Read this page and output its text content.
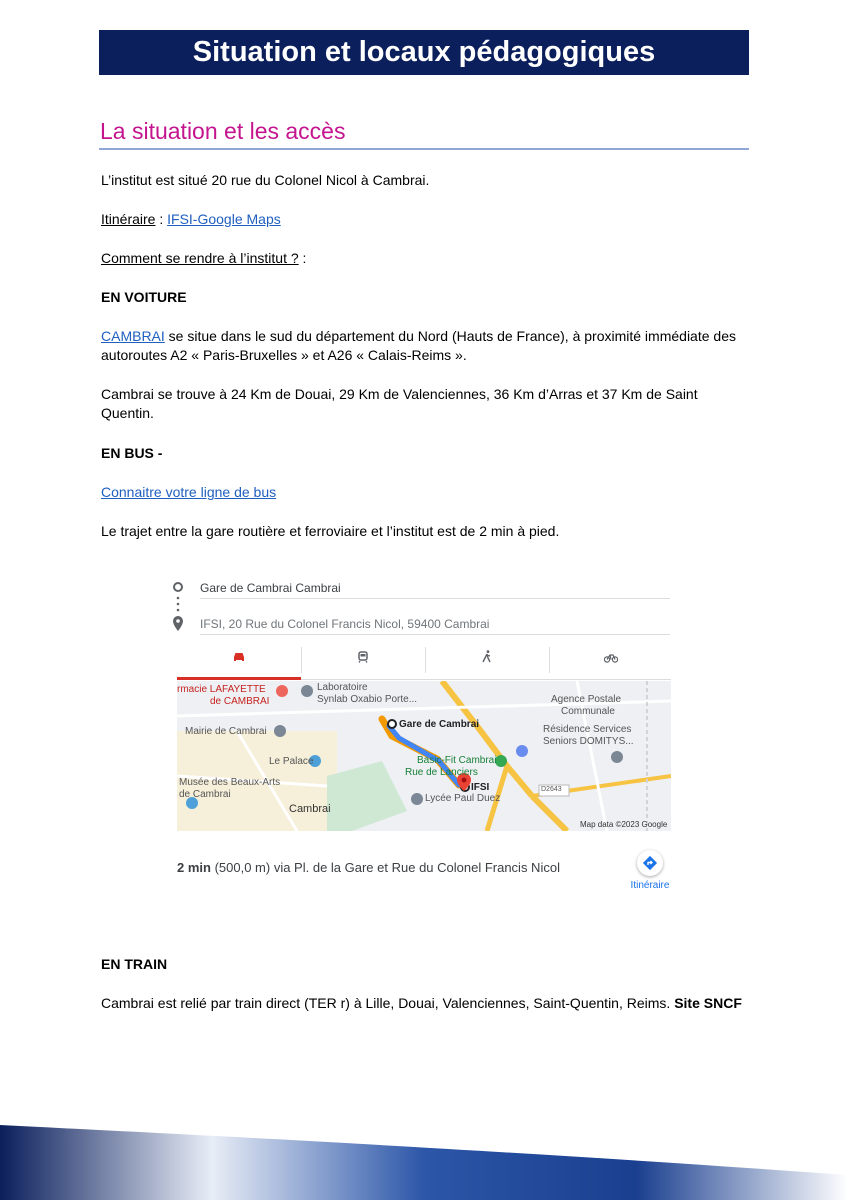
Situation et locaux pédagogiques
La situation et les accès
L’institut est situé 20 rue du Colonel Nicol à Cambrai.
Itinéraire : IFSI-Google Maps
Comment se rendre à l’institut ? :
EN VOITURE
CAMBRAI se situe dans le sud du département du Nord (Hauts de France), à proximité immédiate des autoroutes A2 « Paris-Bruxelles » et A26 « Calais-Reims ».
Cambrai se trouve à 24 Km de Douai, 29 Km de Valenciennes, 36 Km d’Arras et 37 Km de Saint Quentin.
EN BUS -
Connaitre votre ligne de bus
Le trajet entre la gare routière et ferroviaire et l’institut est de 2 min à pied.
Gare de Cambrai Cambrai
IFSI, 20 Rue du Colonel Francis Nicol, 59400 Cambrai
rmacie LAFAYETTE
de CAMBRAI
Laboratoire
Synlab Oxabio Porte...	Agence Postale
Communale
Résidence Services
Seniors DOMITYS...
Mairie de Cambrai
Gare de Cambrai
Le Palace	Basic-Fit Cambrai
Rue de Lanciers
Musée des Beaux-Arts
de Cambrai
IFSI	D2643
Lycée Paul Duez
Cambrai
Map data ©2023 Google
2 min (500,0 m) via Pl. de la Gare et Rue du Colonel Francis Nicol
Itinéraire
EN TRAIN
Cambrai est relié par train direct (TER r) à Lille, Douai, Valenciennes, Saint-Quentin, Reims. Site SNCF
